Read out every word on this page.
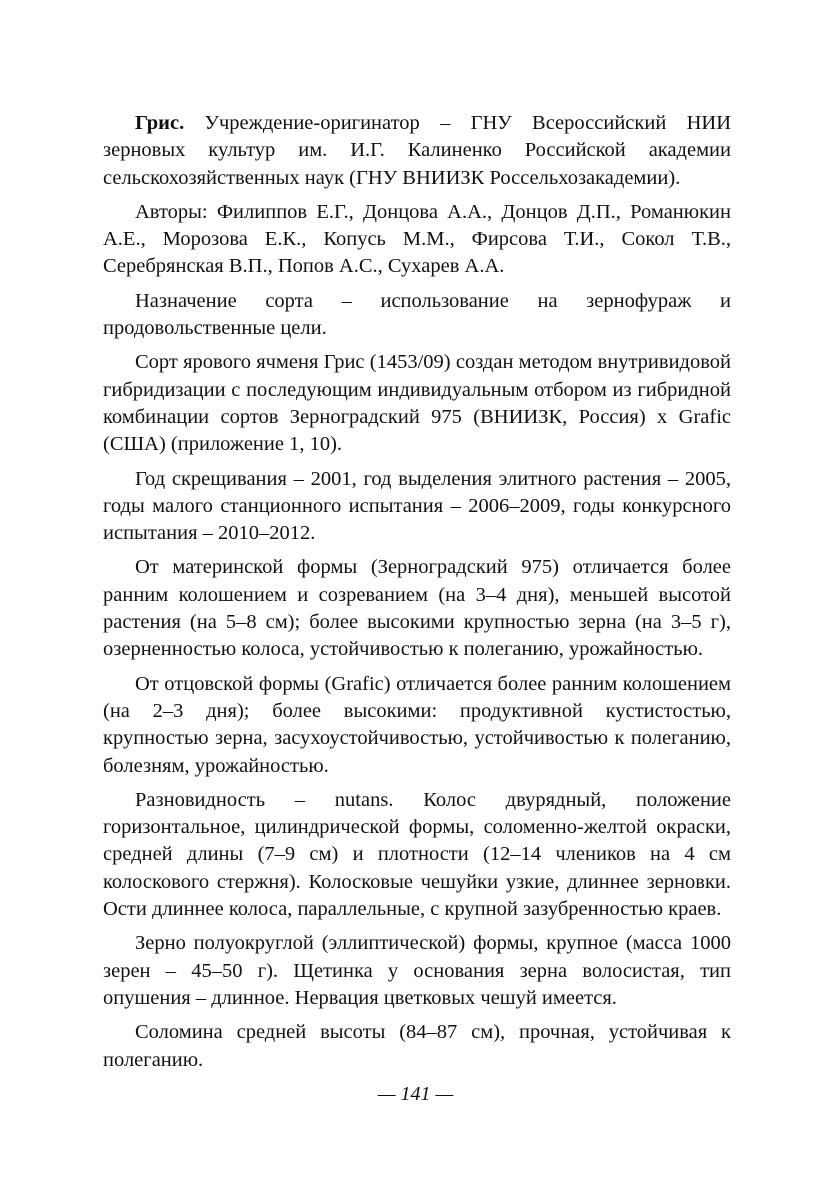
Грис. Учреждение-оригинатор – ГНУ Всероссийский НИИ зерновых культур им. И.Г. Калиненко Российской академии сельскохозяйственных наук (ГНУ ВНИИЗК Россельхозакадемии).

Авторы: Филиппов Е.Г., Донцова А.А., Донцов Д.П., Романюкин А.Е., Морозова Е.К., Копусь М.М., Фирсова Т.И., Сокол Т.В., Серебрянская В.П., Попов А.С., Сухарев А.А.

Назначение сорта – использование на зернофураж и продовольственные цели.

Сорт ярового ячменя Грис (1453/09) создан методом внутривидовой гибридизации с последующим индивидуальным отбором из гибридной комбинации сортов Зерноградский 975 (ВНИИЗК, Россия) х Grafic (США) (приложение 1, 10).

Год скрещивания – 2001, год выделения элитного растения – 2005, годы малого станционного испытания – 2006–2009, годы конкурсного испытания – 2010–2012.

От материнской формы (Зерноградский 975) отличается более ранним колошением и созреванием (на 3–4 дня), меньшей высотой растения (на 5–8 см); более высокими крупностью зерна (на 3–5 г), озерненностью колоса, устойчивостью к полеганию, урожайностью.

От отцовской формы (Grafic) отличается более ранним колошением (на 2–3 дня); более высокими: продуктивной кустистостью, крупностью зерна, засухоустойчивостью, устойчивостью к полеганию, болезням, урожайностью.

Разновидность – nutans. Колос двурядный, положение горизонтальное, цилиндрической формы, соломенно-желтой окраски, средней длины (7–9 см) и плотности (12–14 члеников на 4 см колоскового стержня). Колосковые чешуйки узкие, длиннее зерновки. Ости длиннее колоса, параллельные, с крупной зазубренностью краев.

Зерно полуокруглой (эллиптической) формы, крупное (масса 1000 зерен – 45–50 г). Щетинка у основания зерна волосистая, тип опушения – длинное. Нервация цветковых чешуй имеется.

Соломина средней высоты (84–87 см), прочная, устойчивая к полеганию.

— 141 —
